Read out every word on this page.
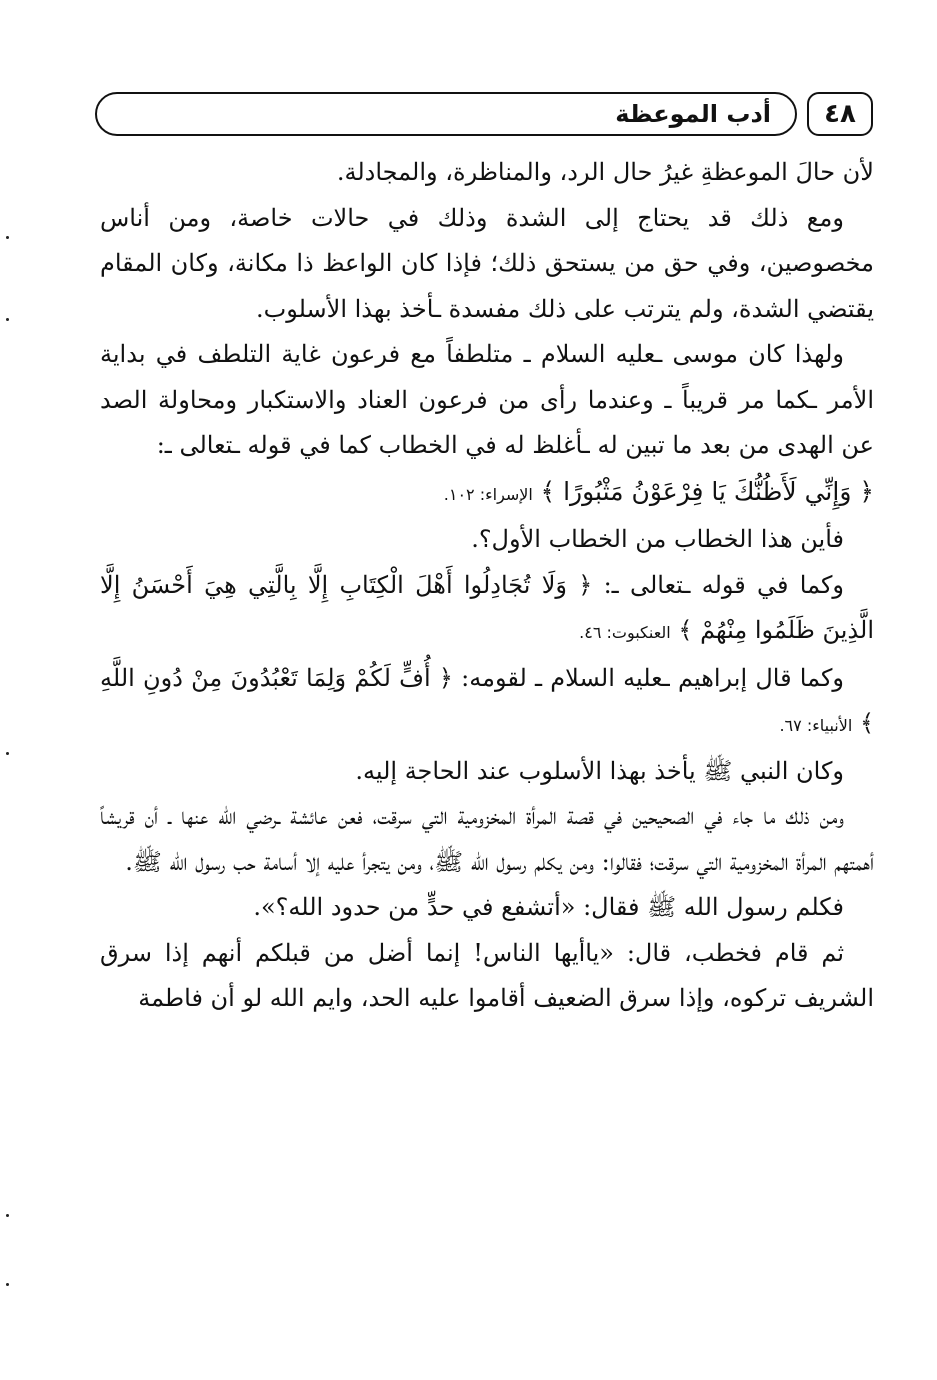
أدب الموعظة ٤٨

لأن حالَ الموعظةِ غيرُ حال الرد، والمناظرة، والمجادلة.

ومع ذلك قد يحتاج إلى الشدة وذلك في حالات خاصة، ومن أناس مخصوصين، وفي حق من يستحق ذلك؛ فإذا كان الواعظ ذا مكانة، وكان المقام يقتضي الشدة، ولم يترتب على ذلك مفسدة ـأخذ بهذا الأسلوب.

ولهذا كان موسى ـعليه السلام ـ متلطفاً مع فرعون غاية التلطف في بداية الأمر ـكما مر قريباً ـ وعندما رأى من فرعون العناد والاستكبار ومحاولة الصد عن الهدى من بعد ما تبين له ـأغلظ له في الخطاب كما في قوله ـتعالى ـ:

﴿ وَإِنِّي لَأَظُنُّكَ يَا فِرْعَوْنُ مَثْبُورًا ﴾ الإسراء: ١٠٢.

فأين هذا الخطاب من الخطاب الأول؟.

وكما في قوله ـتعالى ـ: ﴿ وَلَا تُجَادِلُوا أَهْلَ الْكِتَابِ إِلَّا بِالَّتِي هِيَ أَحْسَنُ إِلَّا الَّذِينَ ظَلَمُوا مِنْهُمْ ﴾ العنكبوت: ٤٦.

وكما قال إبراهيم ـعليه السلام ـ لقومه: ﴿ أُفٍّ لَكُمْ وَلِمَا تَعْبُدُونَ مِنْ دُونِ اللَّهِ ﴾ الأنبياء: ٦٧.

وكان النبي ﷺ يأخذ بهذا الأسلوب عند الحاجة إليه.

ومن ذلك ما جاء في الصحيحين في قصة المرأة المخزومية التي سرقت، فعن عائشة ـرضي الله عنها ـ أن قريشاً أهمتهم المرأة المخزومية التي سرقت؛ فقالوا: ومن يكلم رسول الله ﷺ، ومن يتجرأ عليه إلا أسامة حب رسول الله ﷺ.

فكلم رسول الله ﷺ فقال: «أتشفع في حدٍّ من حدود الله؟».

ثم قام فخطب، قال: «ياأيها الناس! إنما أضل من قبلكم أنهم إذا سرق الشريف تركوه، وإذا سرق الضعيف أقاموا عليه الحد، وايم الله لو أن فاطمة
